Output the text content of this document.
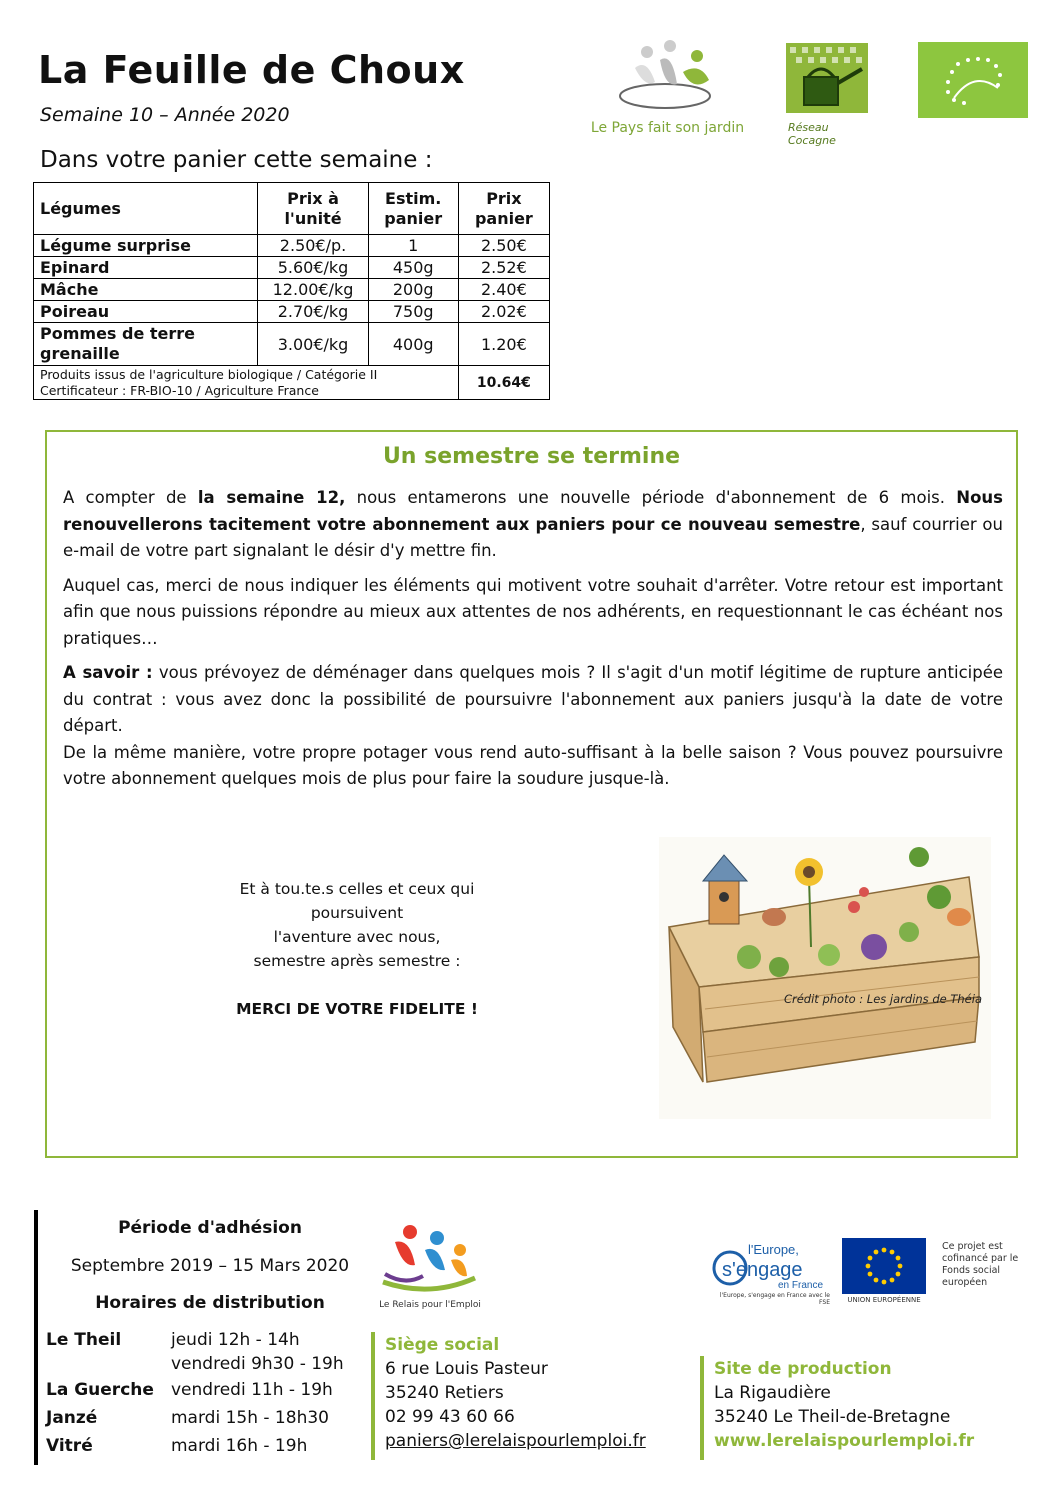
La Feuille de Choux
Semaine 10 – Année 2020
Dans votre panier cette semaine :
Le Pays fait son jardin	Réseau Cocagne
Légumes	Prix à l'unité	Estim. panier	Prix panier
Légume surprise	2.50€/p.	1	2.50€
Epinard	5.60€/kg	450g	2.52€
Mâche	12.00€/kg	200g	2.40€
Poireau	2.70€/kg	750g	2.02€
Pommes de terre grenaille	3.00€/kg	400g	1.20€

Produits issus de l'agriculture biologique / Catégorie II
Certificateur : FR-BIO-10 / Agriculture France			10.64€
Un semestre se termine

A compter de la semaine 12, nous entamerons une nouvelle période d'abonnement de 6 mois. Nous renouvellerons tacitement votre abonnement aux paniers pour ce nouveau semestre, sauf courrier ou e-mail de votre part signalant le désir d'y mettre fin.

Auquel cas, merci de nous indiquer les éléments qui motivent votre souhait d'arrêter. Votre retour est important afin que nous puissions répondre au mieux aux attentes de nos adhérents, en requestionnant le cas échéant nos pratiques…

A savoir : vous prévoyez de déménager dans quelques mois ? Il s'agit d'un motif légitime de rupture anticipée du contrat : vous avez donc la possibilité de poursuivre l'abonnement aux paniers jusqu'à la date de votre départ.

De la même manière, votre propre potager vous rend auto-suffisant à la belle saison ? Vous pouvez poursuivre votre abonnement quelques mois de plus pour faire la soudure jusque-là.

Et à tou.te.s celles et ceux qui poursuivent
l'aventure avec nous,
semestre après semestre :
MERCI DE VOTRE FIDELITE !
Crédit photo : Les jardins de Théia
Période d'adhésion
Septembre 2019 – 15 Mars 2020
Horaires de distribution
Le Theil	jeudi 12h - 14h
vendredi 9h30 - 19h
La Guerche	vendredi 11h - 19h
Janzé	mardi 15h - 18h30
Vitré	mardi 16h - 19h
Le Relais pour l'Emploi
Siège social
6 rue Louis Pasteur
35240 Retiers
02 99 43 60 66
paniers@lerelaispourlemploi.fr
Site de production
La Rigaudière
35240 Le Theil-de-Bretagne
www.lerelaispourlemploi.fr
l'Europe,
s'engage
en France
l'Europe, s'engage en France avec le FSE	UNION EUROPÉENNE
Ce projet est cofinancé par le Fonds social européen
